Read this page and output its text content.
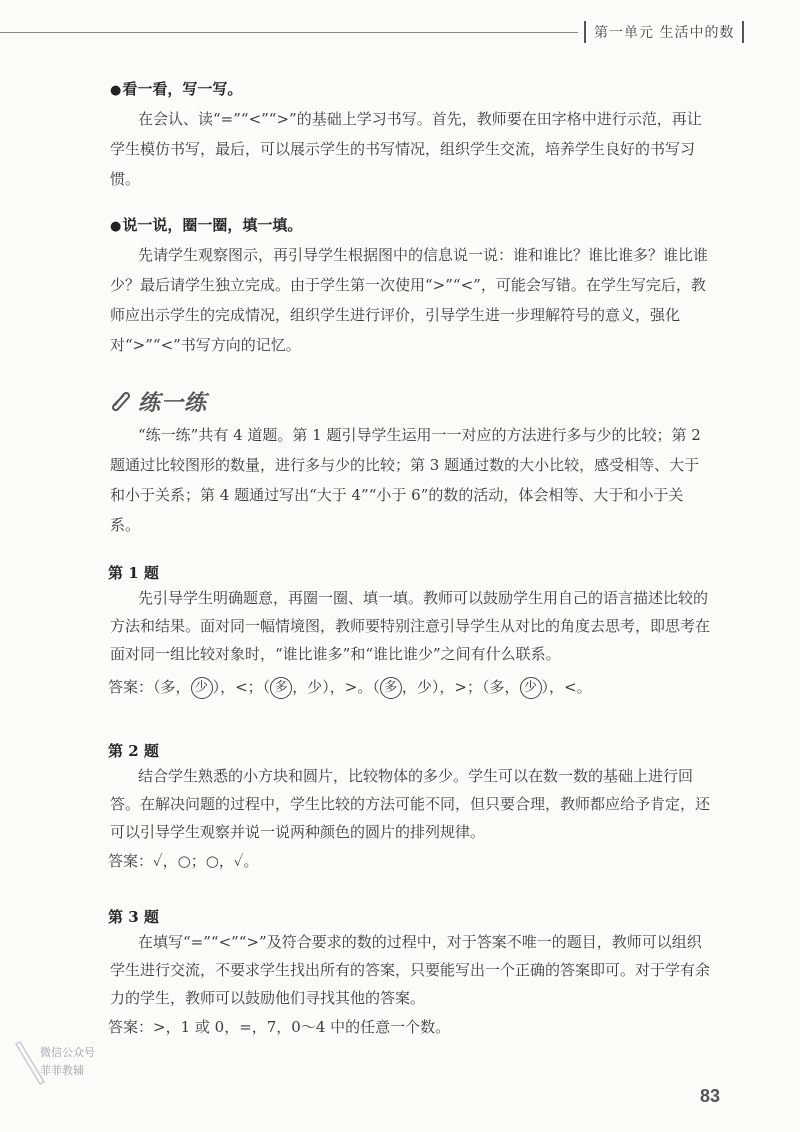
第一单元 生活中的数
●看一看，写一写。

在会认、读“=”“<”“>”的基础上学习书写。首先，教师要在田字格中进行示范，再让学生模仿书写，最后，可以展示学生的书写情况，组织学生交流，培养学生良好的书写习惯。

●说一说，圈一圈，填一填。

先请学生观察图示，再引导学生根据图中的信息说一说：谁和谁比？谁比谁多？谁比谁少？最后请学生独立完成。由于学生第一次使用“>”“<”，可能会写错。在学生写完后，教师应出示学生的完成情况，组织学生进行评价，引导学生进一步理解符号的意义，强化对“>”“<”书写方向的记忆。

练一练

“练一练”共有 4 道题。第 1 题引导学生运用一一对应的方法进行多与少的比较；第 2 题通过比较图形的数量，进行多与少的比较；第 3 题通过数的大小比较，感受相等、大于和小于关系；第 4 题通过写出“大于 4”“小于 6”的数的活动，体会相等、大于和小于关系。

第 1 题

先引导学生明确题意，再圈一圈、填一填。教师可以鼓励学生用自己的语言描述比较的方法和结果。面对同一幅情境图，教师要特别注意引导学生从对比的角度去思考，即思考在面对同一组比较对象时，“谁比谁多”和“谁比谁少”之间有什么联系。

答案：（多， 少 ），<；（ 多 ，少），>。（ 多 ，少），>；（多， 少 ），<。
第 2 题

结合学生熟悉的小方块和圆片，比较物体的多少。学生可以在数一数的基础上进行回答。在解决问题的过程中，学生比较的方法可能不同，但只要合理，教师都应给予肯定，还可以引导学生观察并说一说两种颜色的圆片的排列规律。

答案：✓，○；○，✓。
第 3 题

在填写“=”“<”“>”及符合要求的数的过程中，对于答案不唯一的题目，教师可以组织学生进行交流，不要求学生找出所有的答案，只要能写出一个正确的答案即可。对于学有余力的学生，教师可以鼓励他们寻找其他的答案。

答案：>，1 或 0，=，7，0～4 中的任意一个数。
微信公众号
菲菲教辅
83
